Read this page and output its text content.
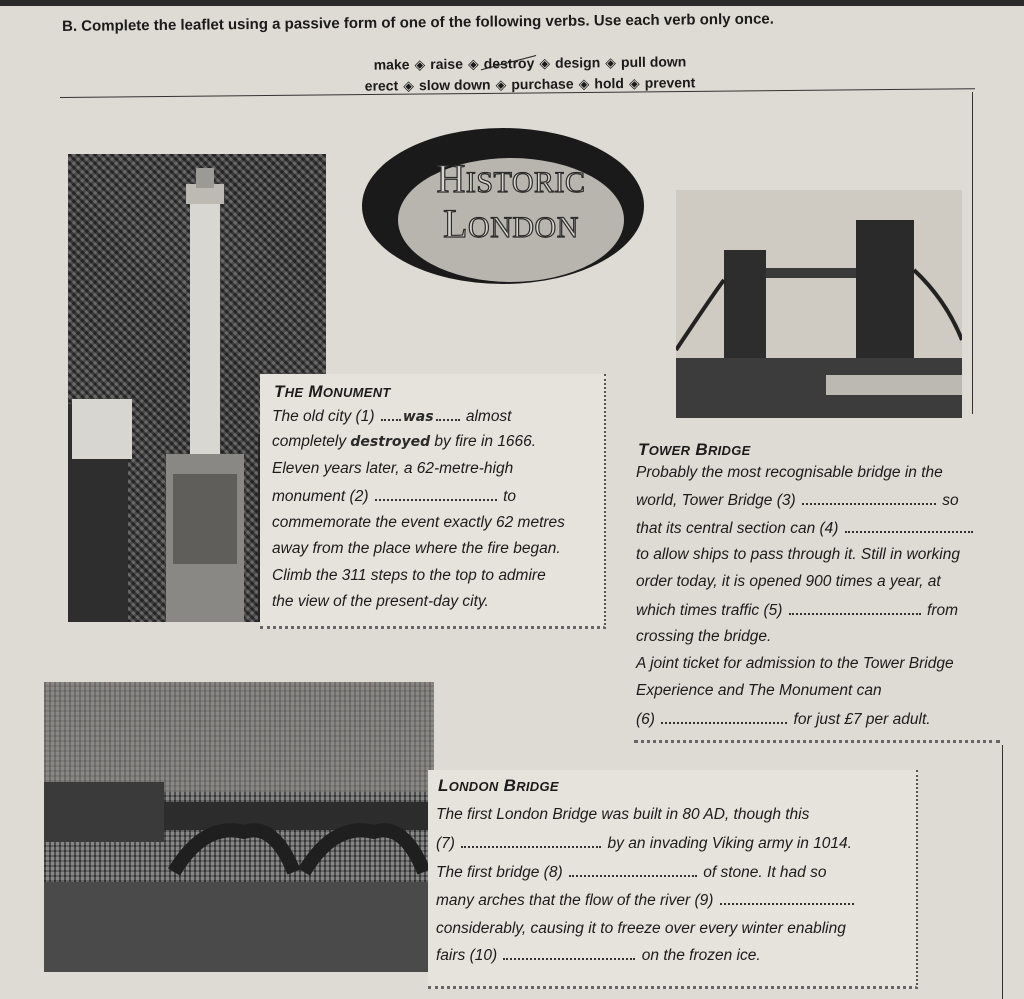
B. Complete the leaflet using a passive form of one of the following verbs. Use each verb only once.
make ◈ raise ◈ destroy ◈ design ◈ pull down
erect ◈ slow down ◈ purchase ◈ hold ◈ prevent
HISTORIC
LONDON
THE MONUMENT
The old city (1) was almost
completely destroyed by fire in 1666.
Eleven years later, a 62-metre-high
monument (2)	to
commemorate the event exactly 62 metres
away from the place where the fire began.
Climb the 311 steps to the top to admire
the view of the present-day city.
TOWER BRIDGE
Probably the most recognisable bridge in the
world, Tower Bridge (3)	so
that its central section can (4)
to allow ships to pass through it. Still in working
order today, it is opened 900 times a year, at
which times traffic (5)	from
crossing the bridge.
A joint ticket for admission to the Tower Bridge
Experience and The Monument can
(6)	for just £7 per adult.
LONDON BRIDGE
The first London Bridge was built in 80 AD, though this
(7)	by an invading Viking army in 1014.
The first bridge (8)	of stone. It had so
many arches that the flow of the river (9)
considerably, causing it to freeze over every winter enabling
fairs (10)	on the frozen ice.
